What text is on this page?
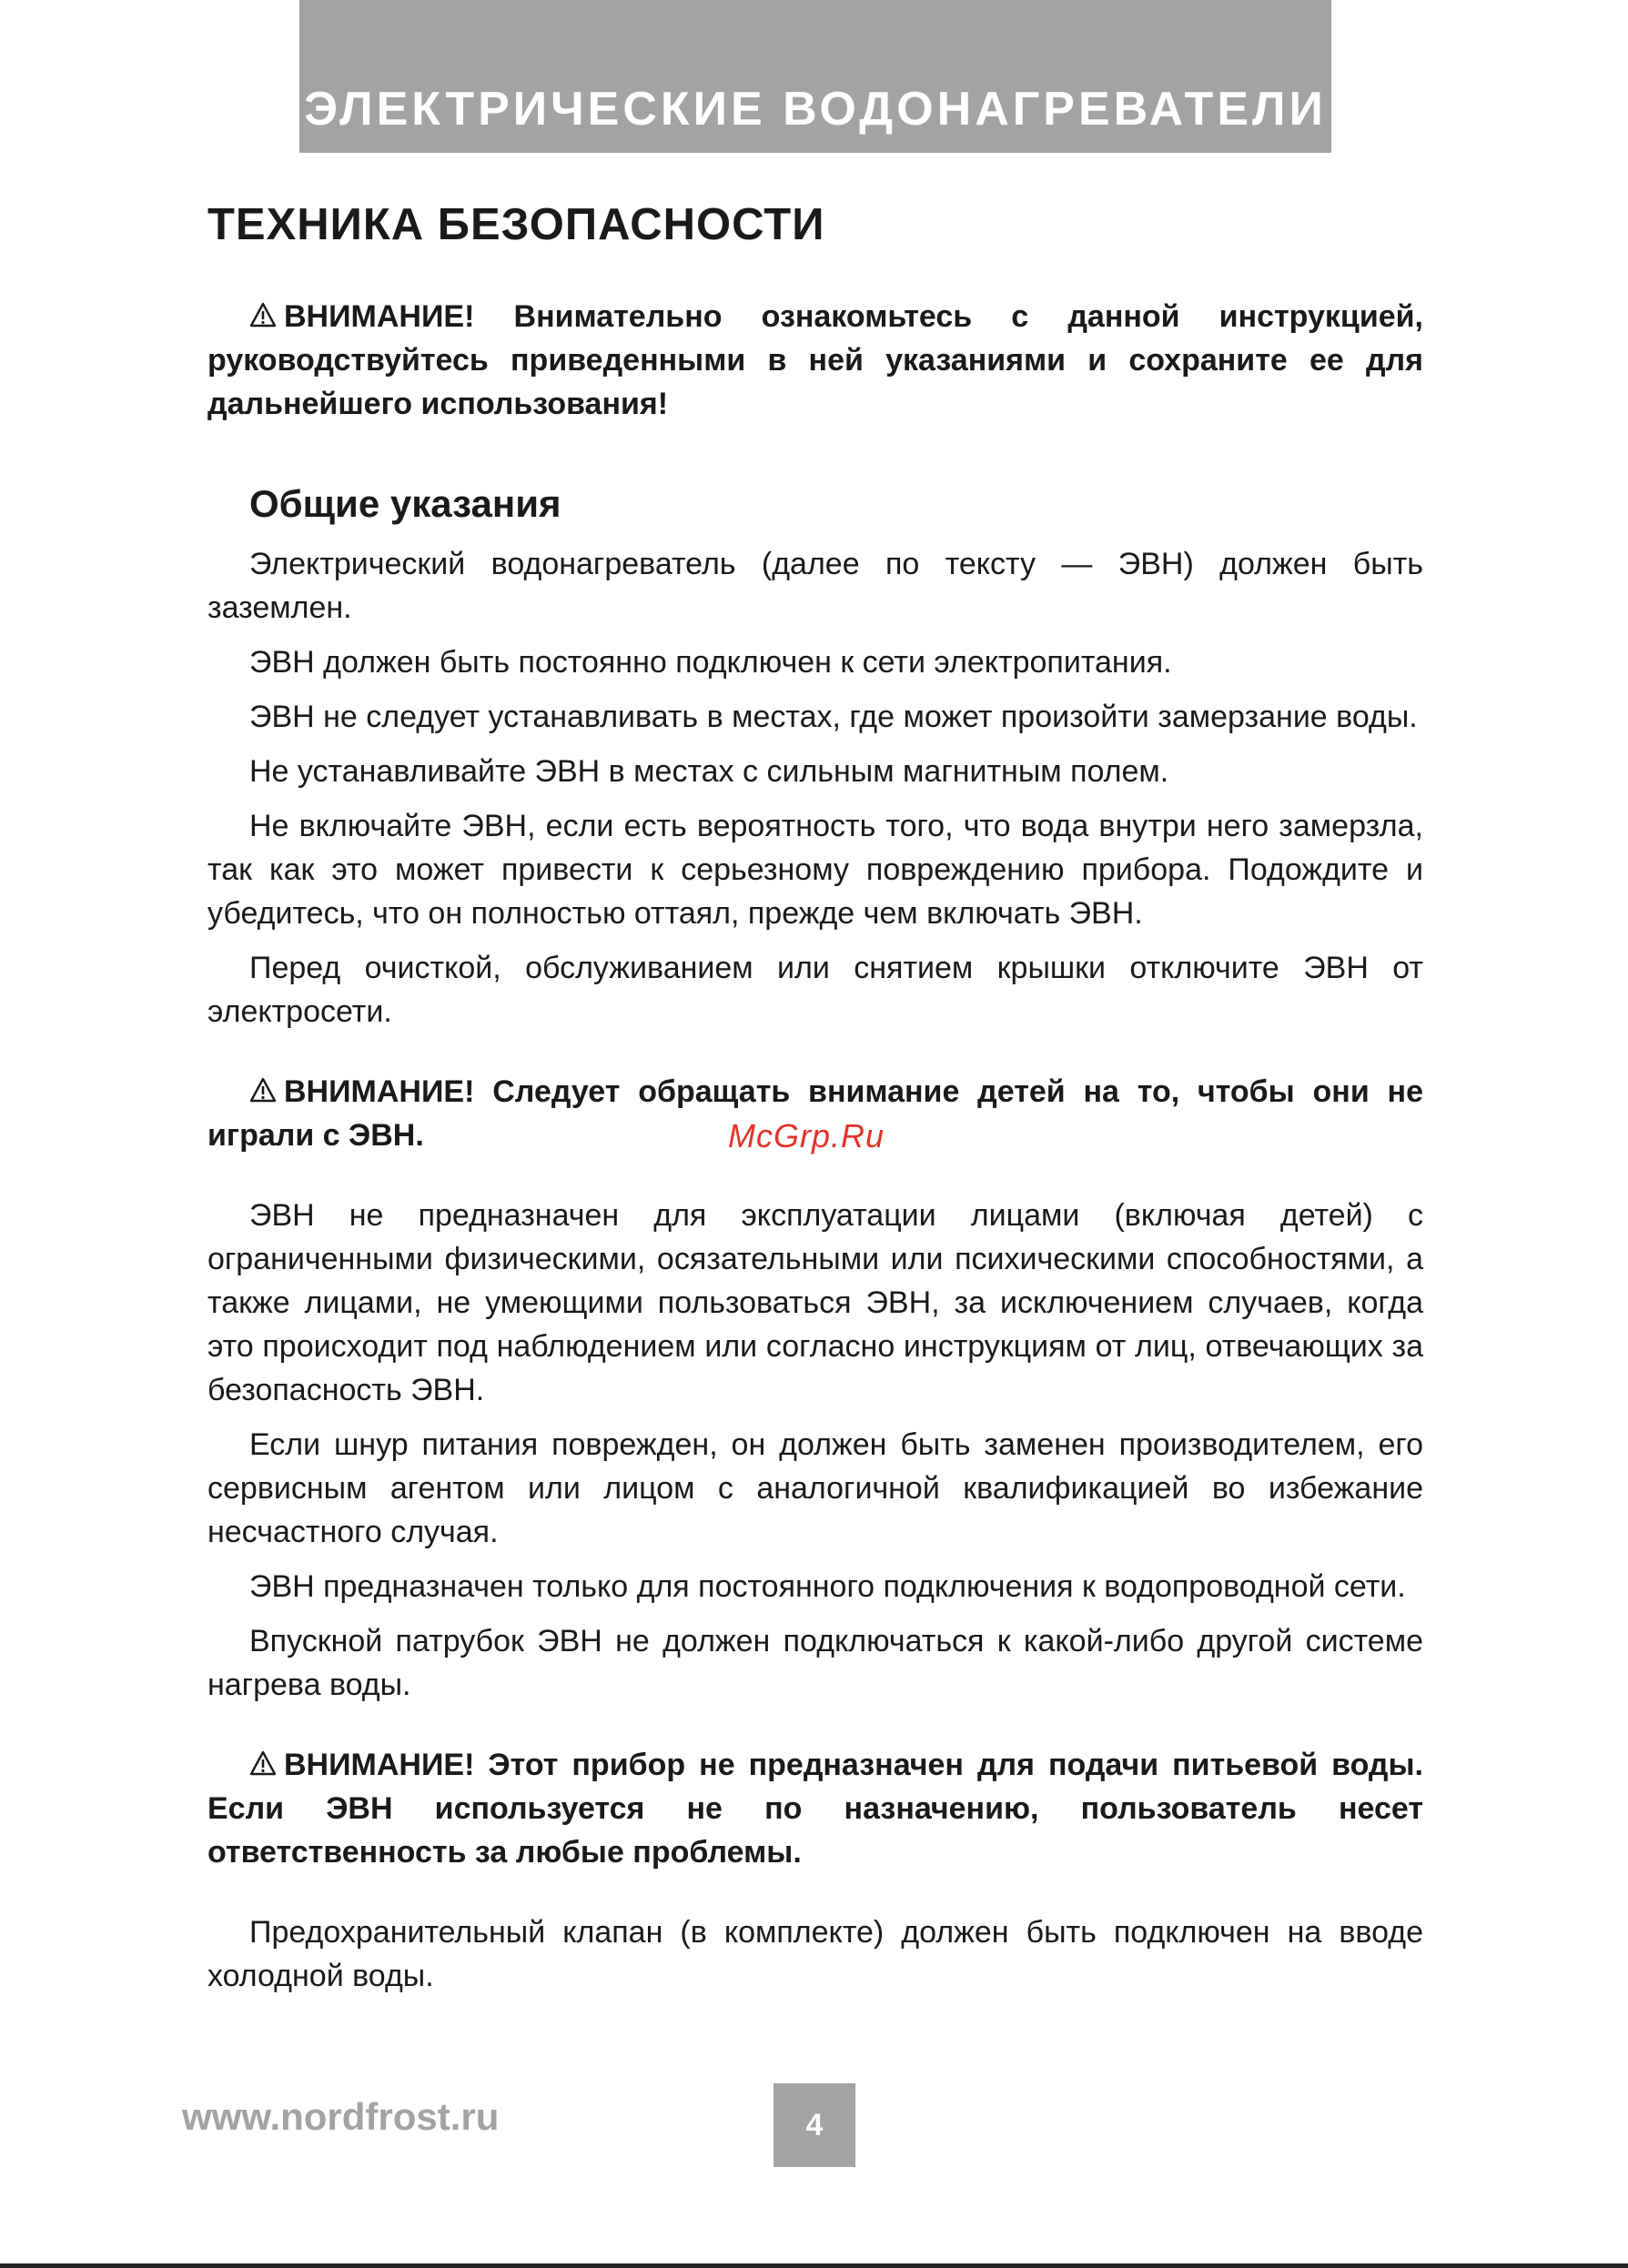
ЭЛЕКТРИЧЕСКИЕ ВОДОНАГРЕВАТЕЛИ
ТЕХНИКА БЕЗОПАСНОСТИ

ВНИМАНИЕ! Внимательно ознакомьтесь с данной инструкцией, руководствуйтесь приведенными в ней указаниями и сохраните ее для дальнейшего использования!

Общие указания

Электрический водонагреватель (далее по тексту — ЭВН) должен быть заземлен.

ЭВН должен быть постоянно подключен к сети электропитания.

ЭВН не следует устанавливать в местах, где может произойти замерзание воды.

Не устанавливайте ЭВН в местах с сильным магнитным полем.

Не включайте ЭВН, если есть вероятность того, что вода внутри него замерзла, так как это может привести к серьезному повреждению прибора. Подождите и убедитесь, что он полностью оттаял, прежде чем включать ЭВН.

Перед очисткой, обслуживанием или снятием крышки отключите ЭВН от электросети.

ВНИМАНИЕ! Следует обращать внимание детей на то, чтобы они не играли с ЭВН.

ЭВН не предназначен для эксплуатации лицами (включая детей) с ограниченными физическими, осязательными или психическими способностями, а также лицами, не умеющими пользоваться ЭВН, за исключением случаев, когда это происходит под наблюдением или согласно инструкциям от лиц, отвечающих за безопасность ЭВН.

Если шнур питания поврежден, он должен быть заменен производителем, его сервисным агентом или лицом с аналогичной квалификацией во избежание несчастного случая.

ЭВН предназначен только для постоянного подключения к водопроводной сети.

Впускной патрубок ЭВН не должен подключаться к какой-либо другой системе нагрева воды.

ВНИМАНИЕ! Этот прибор не предназначен для подачи питьевой воды. Если ЭВН используется не по назначению, пользователь несет ответственность за любые проблемы.

Предохранительный клапан (в комплекте) должен быть подключен на вводе холодной воды.

McGrp.Ru
www.nordfrost.ru	4
